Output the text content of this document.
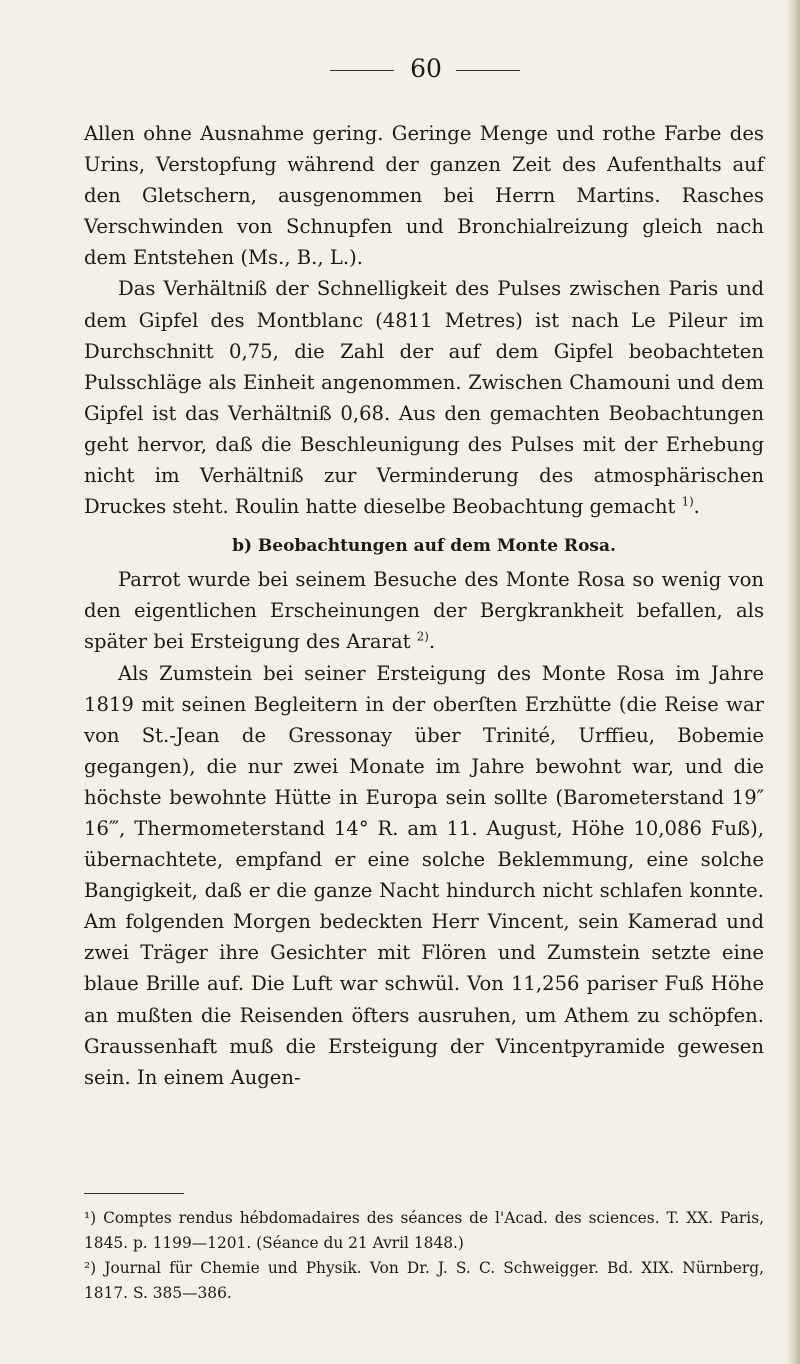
60

Allen ohne Ausnahme gering. Geringe Menge und rothe Farbe des Urins, Verstopfung während der ganzen Zeit des Aufenthalts auf den Gletschern, ausgenommen bei Herrn Martins. Rasches Verschwinden von Schnupfen und Bronchialreizung gleich nach dem Entstehen (Ms., B., L.).

Das Verhältniß der Schnelligkeit des Pulses zwischen Paris und dem Gipfel des Montblanc (4811 Metres) ist nach Le Pileur im Durchschnitt 0,75, die Zahl der auf dem Gipfel beobachteten Pulsschläge als Einheit angenommen. Zwischen Chamouni und dem Gipfel ist das Verhältniß 0,68. Aus den gemachten Beobachtungen geht hervor, daß die Beschleunigung des Pulses mit der Erhebung nicht im Verhältniß zur Verminderung des atmosphärischen Druckes steht. Roulin hatte dieselbe Beobachtung gemacht $^{1)}$.

b) Beobachtungen auf dem Monte Rosa.

Parrot wurde bei seinem Besuche des Monte Rosa so wenig von den eigentlichen Erscheinungen der Bergkrankheit befallen, als später bei Ersteigung des Ararat $^{2)}$.

Als Zumstein bei seiner Ersteigung des Monte Rosa im Jahre 1819 mit seinen Begleitern in der oberſten Erzhütte (die Reise war von St.-Jean de Gressonay über Trinité, Urffieu, Bobemie gegangen), die nur zwei Monate im Jahre bewohnt war, und die höchste bewohnte Hütte in Europa sein sollte (Barometerstand 19″ 16‴, Thermometerstand 14° R. am 11. August, Höhe 10,086 Fuß), übernachtete, empfand er eine solche Beklemmung, eine solche Bangigkeit, daß er die ganze Nacht hindurch nicht schlafen konnte. Am folgenden Morgen bedeckten Herr Vincent, sein Kamerad und zwei Träger ihre Gesichter mit Flören und Zumstein setzte eine blaue Brille auf. Die Luft war schwül. Von 11,256 pariser Fuß Höhe an mußten die Reisenden öfters ausruhen, um Athem zu schöpfen. Graussenhaft muß die Ersteigung der Vincentpyramide gewesen sein. In einem Augen-

¹) Comptes rendus hébdomadaires des séances de l'Acad. des sciences. T. XX. Paris, 1845. p. 1199—1201. (Séance du 21 Avril 1848.)

²) Journal für Chemie und Physik. Von Dr. J. S. C. Schweigger. Bd. XIX. Nürnberg, 1817. S. 385—386.
